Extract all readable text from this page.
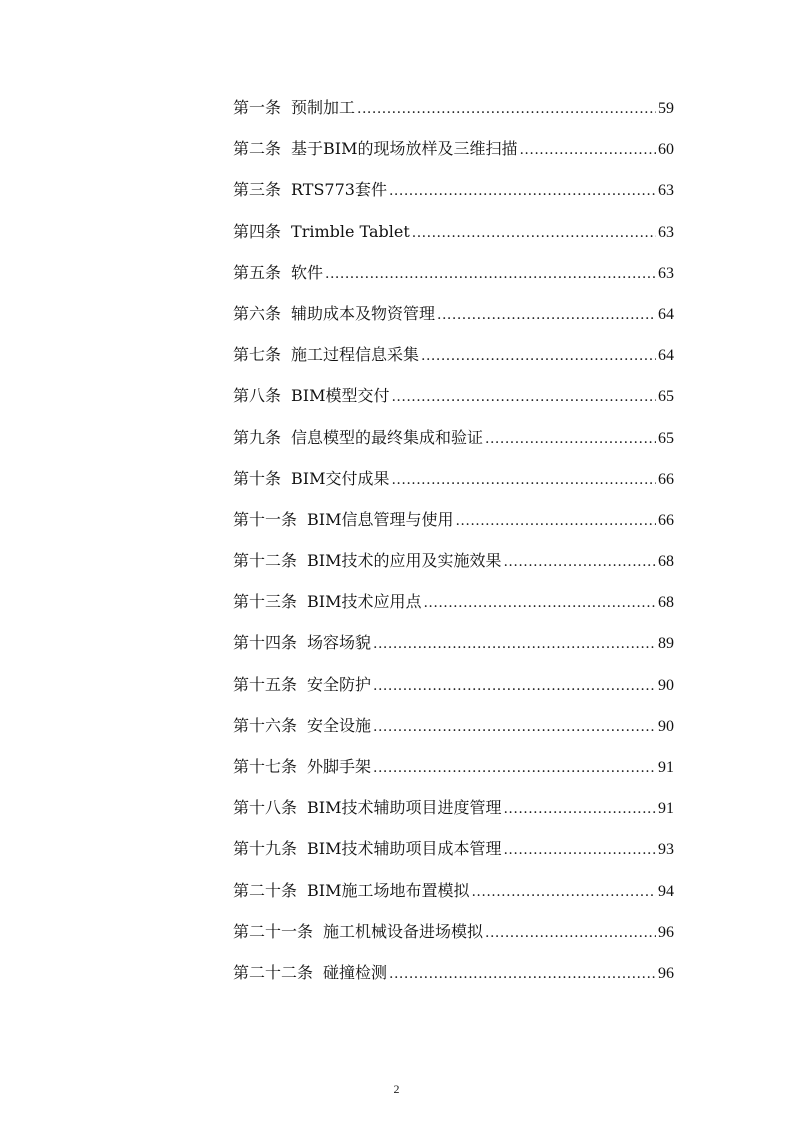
第一条 预制加工 .....	59
第二条 基于BIM的现场放样及三维扫描 .....	60
第三条 RTS773套件 .....	63
第四条 Trimble Tablet .....	63
第五条 软件 .....	63
第六条 辅助成本及物资管理 .....	64
第七条 施工过程信息采集 .....	64
第八条 BIM模型交付 .....	65
第九条 信息模型的最终集成和验证 .....	65
第十条 BIM交付成果 .....	66
第十一条 BIM信息管理与使用 .....	66
第十二条 BIM技术的应用及实施效果 .....	68
第十三条 BIM技术应用点 .....	68
第十四条 场容场貌 .....	89
第十五条 安全防护 .....	90
第十六条 安全设施 .....	90
第十七条 外脚手架 .....	91
第十八条 BIM技术辅助项目进度管理 .....	91
第十九条 BIM技术辅助项目成本管理 .....	93
第二十条 BIM施工场地布置模拟 .....	94
第二十一条 施工机械设备进场模拟 .....	96
第二十二条 碰撞检测 .....	96
2
